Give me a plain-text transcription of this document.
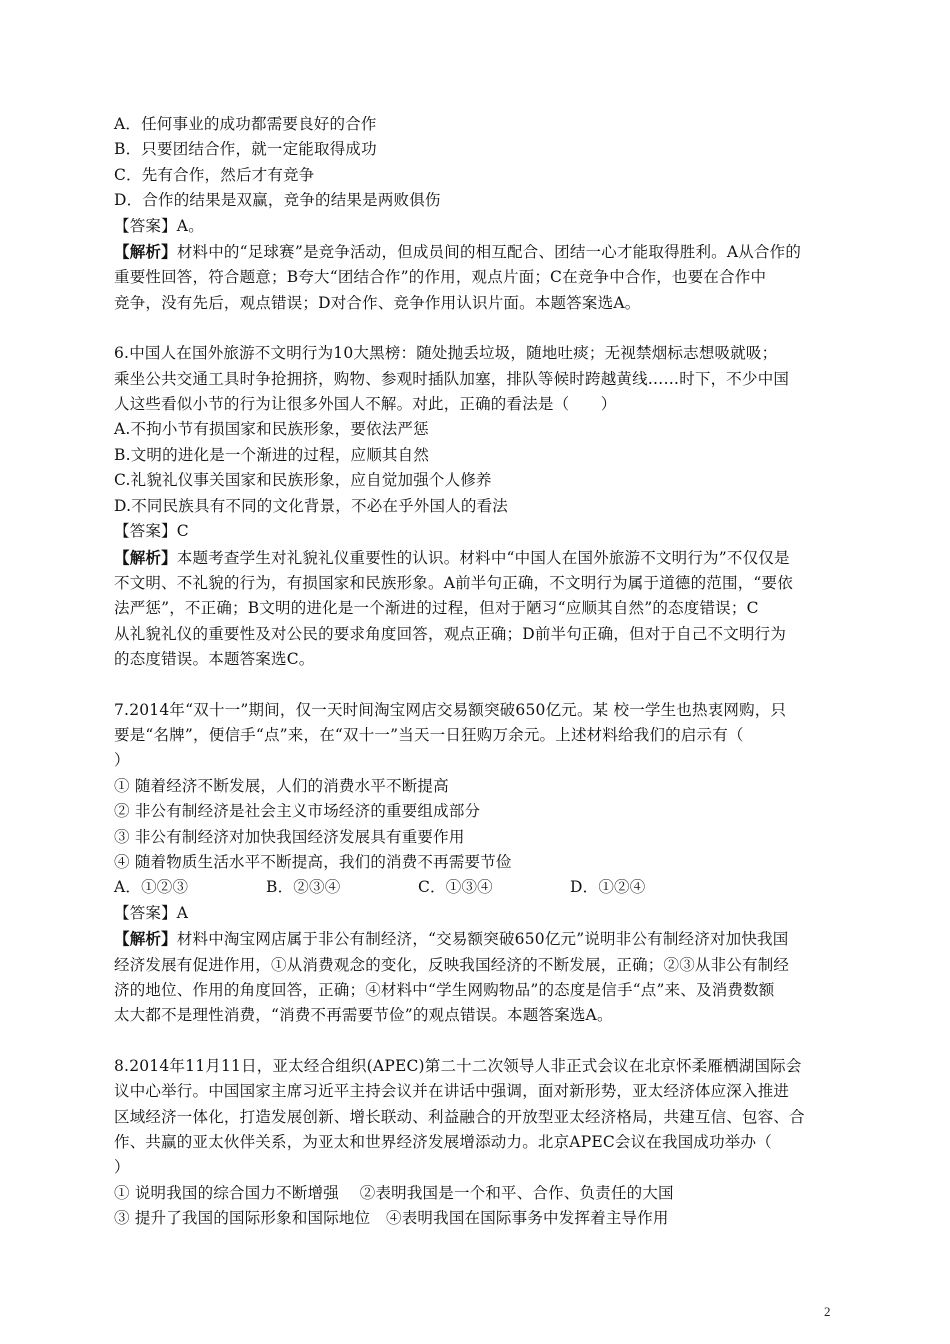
A．任何事业的成功都需要良好的合作
B．只要团结合作，就一定能取得成功
C．先有合作，然后才有竞争
D．合作的结果是双赢，竞争的结果是两败俱伤
【答案】A。
【解析】材料中的“足球赛”是竞争活动，但成员间的相互配合、团结一心才能取得胜利。A从合作的
重要性回答，符合题意；B夸大“团结合作”的作用，观点片面；C在竞争中合作，也要在合作中
竞争，没有先后，观点错误；D对合作、竞争作用认识片面。本题答案选A。
6.中国人在国外旅游不文明行为10大黑榜：随处抛丢垃圾，随地吐痰；无视禁烟标志想吸就吸；
乘坐公共交通工具时争抢拥挤，购物、参观时插队加塞，排队等候时跨越黄线……时下，不少中国
人这些看似小节的行为让很多外国人不解。对此，正确的看法是（　　）
A.不拘小节有损国家和民族形象，要依法严惩
B.文明的进化是一个渐进的过程，应顺其自然
C.礼貌礼仪事关国家和民族形象，应自觉加强个人修养
D.不同民族具有不同的文化背景，不必在乎外国人的看法
【答案】C
【解析】本题考查学生对礼貌礼仪重要性的认识。材料中“中国人在国外旅游不文明行为”不仅仅是
不文明、不礼貌的行为，有损国家和民族形象。A前半句正确，不文明行为属于道德的范围，“要依
法严惩”，不正确；B文明的进化是一个渐进的过程，但对于陋习“应顺其自然”的态度错误；C
从礼貌礼仪的重要性及对公民的要求角度回答，观点正确；D前半句正确，但对于自己不文明行为
的态度错误。本题答案选C。
7.2014年“双十一”期间，仅一天时间淘宝网店交易额突破650亿元。某 校一学生也热衷网购，只
要是“名牌”，便信手“点”来，在“双十一”当天一日狂购万余元。上述材料给我们的启示有（
）
① 随着经济不断发展，人们的消费水平不断提高
② 非公有制经济是社会主义市场经济的重要组成部分
③ 非公有制经济对加快我国经济发展具有重要作用
④ 随着物质生活水平不断提高，我们的消费不再需要节俭
A．①②③	B．②③④	C．①③④	D．①②④
【答案】A
【解析】材料中淘宝网店属于非公有制经济，“交易额突破650亿元”说明非公有制经济对加快我国
经济发展有促进作用，①从消费观念的变化，反映我国经济的不断发展，正确；②③从非公有制经
济的地位、作用的角度回答，正确；④材料中“学生网购物品”的态度是信手“点”来、及消费数额
太大都不是理性消费，“消费不再需要节俭”的观点错误。本题答案选A。
8.2014年11月11日，亚太经合组织(APEC)第二十二次领导人非正式会议在北京怀柔雁栖湖国际会
议中心举行。中国国家主席习近平主持会议并在讲话中强调，面对新形势，亚太经济体应深入推进
区域经济一体化，打造发展创新、增长联动、利益融合的开放型亚太经济格局，共建互信、包容、合
作、共赢的亚太伙伴关系，为亚太和世界经济发展增添动力。北京APEC会议在我国成功举办（
）
① 说明我国的综合国力不断增强　 ②表明我国是一个和平、合作、负责任的大国
③ 提升了我国的国际形象和国际地位　④表明我国在国际事务中发挥着主导作用
2
